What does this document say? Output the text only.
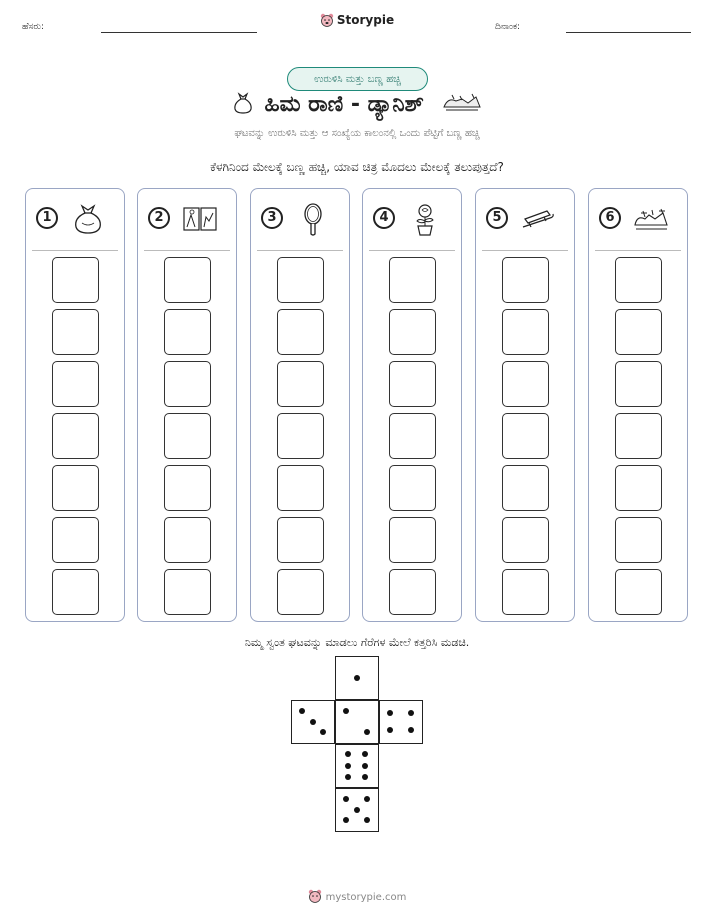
ಹೆಸರು:	Storypie	ದಿನಾಂಕ:
ಉರುಳಿಸಿ ಮತ್ತು ಬಣ್ಣ ಹಚ್ಚಿ
ಹಿಮ ರಾಣಿ - ಡ್ಯಾನಿಶ್
ಘಟವನ್ನು ಉರುಳಿಸಿ ಮತ್ತು ಆ ಸಂಖ್ಯೆಯ ಕಾಲಂನಲ್ಲಿ ಒಂದು ಪೆಟ್ಟಿಗೆ ಬಣ್ಣ ಹಚ್ಚಿ
ಕೆಳಗಿನಿಂದ ಮೇಲಕ್ಕೆ ಬಣ್ಣ ಹಚ್ಚಿ, ಯಾವ ಚಿತ್ರ ಮೊದಲು ಮೇಲಕ್ಕೆ ತಲುಪುತ್ತದೆ?
1	2	3	4	5	6
ನಿಮ್ಮ ಸ್ವಂತ ಘಟವನ್ನು ಮಾಡಲು ಗೆರೆಗಳ ಮೇಲೆ ಕತ್ತರಿಸಿ ಮಡಚಿ.
mystorypie.com
